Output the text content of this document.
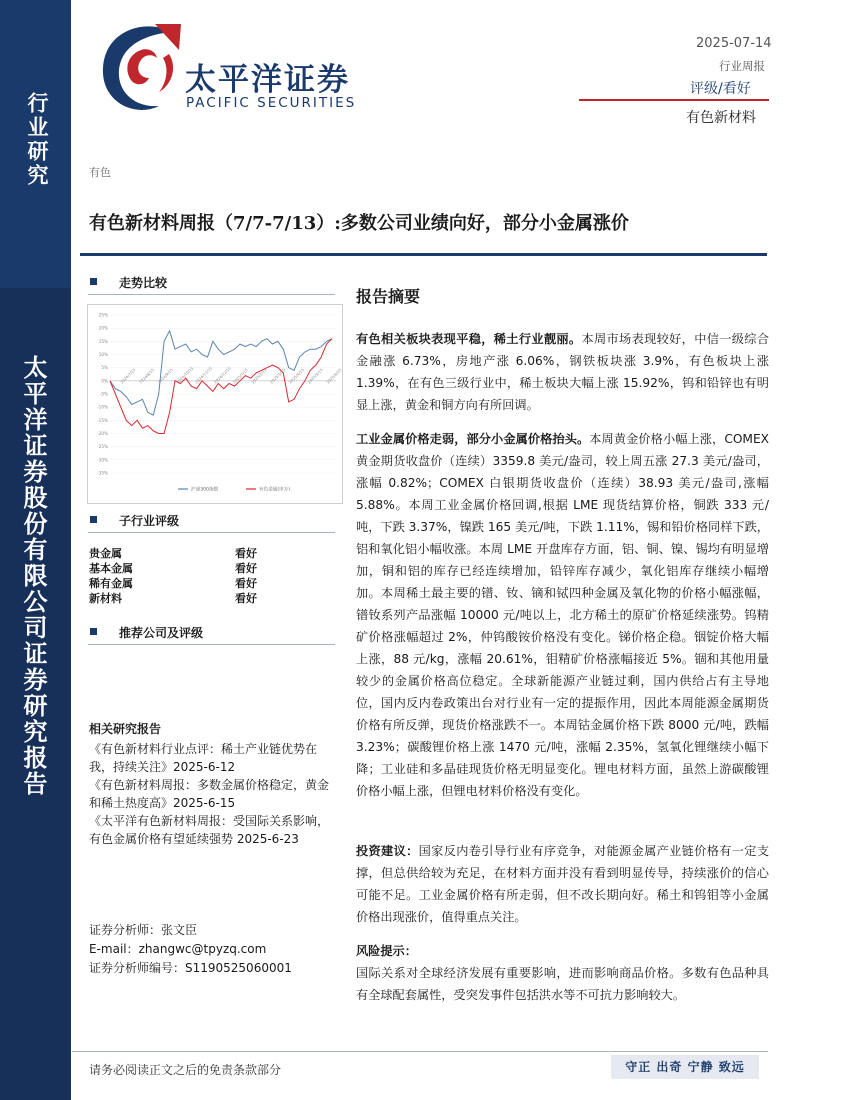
行业研究
太平洋证券股份有限公司证券研究报告
太平洋证券
PACIFIC SECURITIES
2025-07-14
行业周报
评级/看好
有色新材料
有色
有色新材料周报（7/7-7/13）:多数公司业绩向好，部分小金属涨价
走势比较
25%
20%
15%
10%
5%
0%
-5%
-10%
-15%
-20%
-25%
-30%
-35%
2024/7/15 2024/8/15 2024/9/15 2024/10/15 2024/11/15 2024/12/15 2025/1/15 2025/2/15 2025/3/15 2025/4/15 2025/5/15 2025/6/15
沪深300指数	有色金属(申万)
子行业评级
贵金属	看好
基本金属	看好
稀有金属	看好
新材料	看好
推荐公司及评级
相关研究报告
《有色新材料行业点评：稀土产业链优势在我，持续关注》2025-6-12
《有色新材料周报：多数金属价格稳定，黄金和稀土热度高》2025-6-15
《太平洋有色新材料周报：受国际关系影响，有色金属价格有望延续强势 2025-6-23
证券分析师：张文臣
E-mail：zhangwc@tpyzq.com
证券分析师编号：S1190525060001
报告摘要
有色相关板块表现平稳，稀土行业靓丽。本周市场表现较好，中信一级综合金融涨 6.73%，房地产涨 6.06%，钢铁板块涨 3.9%，有色板块上涨 1.39%，在有色三级行业中，稀土板块大幅上涨 15.92%，钨和铅锌也有明显上涨，黄金和铜方向有所回调。
工业金属价格走弱，部分小金属价格抬头。本周黄金价格小幅上涨，COMEX 黄金期货收盘价（连续）3359.8 美元/盎司，较上周五涨 27.3 美元/盎司，涨幅 0.82%；COMEX 白银期货收盘价（连续）38.93 美元/盎司,涨幅 5.88%。本周工业金属价格回调,根据 LME 现货结算价格，铜跌 333 元/吨，下跌 3.37%，镍跌 165 美元/吨，下跌 1.11%，锡和铅价格同样下跌，铝和氧化铝小幅收涨。本周 LME 开盘库存方面，铝、铜、镍、锡均有明显增加，铜和铝的库存已经连续增加，铅锌库存减少，氧化铝库存继续小幅增加。本周稀土最主要的镨、钕、镝和铽四种金属及氧化物的价格小幅涨幅，镨钕系列产品涨幅 10000 元/吨以上，北方稀土的原矿价格延续涨势。钨精矿价格涨幅超过 2%，仲钨酸铵价格没有变化。锑价格企稳。铟锭价格大幅上涨，88 元/kg，涨幅 20.61%，钼精矿价格涨幅接近 5%。锢和其他用量较少的金属价格高位稳定。全球新能源产业链过剩，国内供给占有主导地位，国内反内卷政策出台对行业有一定的提振作用，因此本周能源金属期货价格有所反弹，现货价格涨跌不一。本周钴金属价格下跌 8000 元/吨，跌幅 3.23%；碳酸锂价格上涨 1470 元/吨，涨幅 2.35%，氢氧化锂继续小幅下降；工业硅和多晶硅现货价格无明显变化。锂电材料方面，虽然上游碳酸锂价格小幅上涨，但锂电材料价格没有变化。
投资建议：国家反内卷引导行业有序竞争，对能源金属产业链价格有一定支撑，但总供给较为充足，在材料方面并没有看到明显传导，持续涨价的信心可能不足。工业金属价格有所走弱，但不改长期向好。稀土和钨钼等小金属价格出现涨价，值得重点关注。
风险提示：
国际关系对全球经济发展有重要影响，进而影响商品价格。多数有色品种具有全球配套属性，受突发事件包括洪水等不可抗力影响较大。
请务必阅读正文之后的免责条款部分	守正 出奇 宁静 致远
